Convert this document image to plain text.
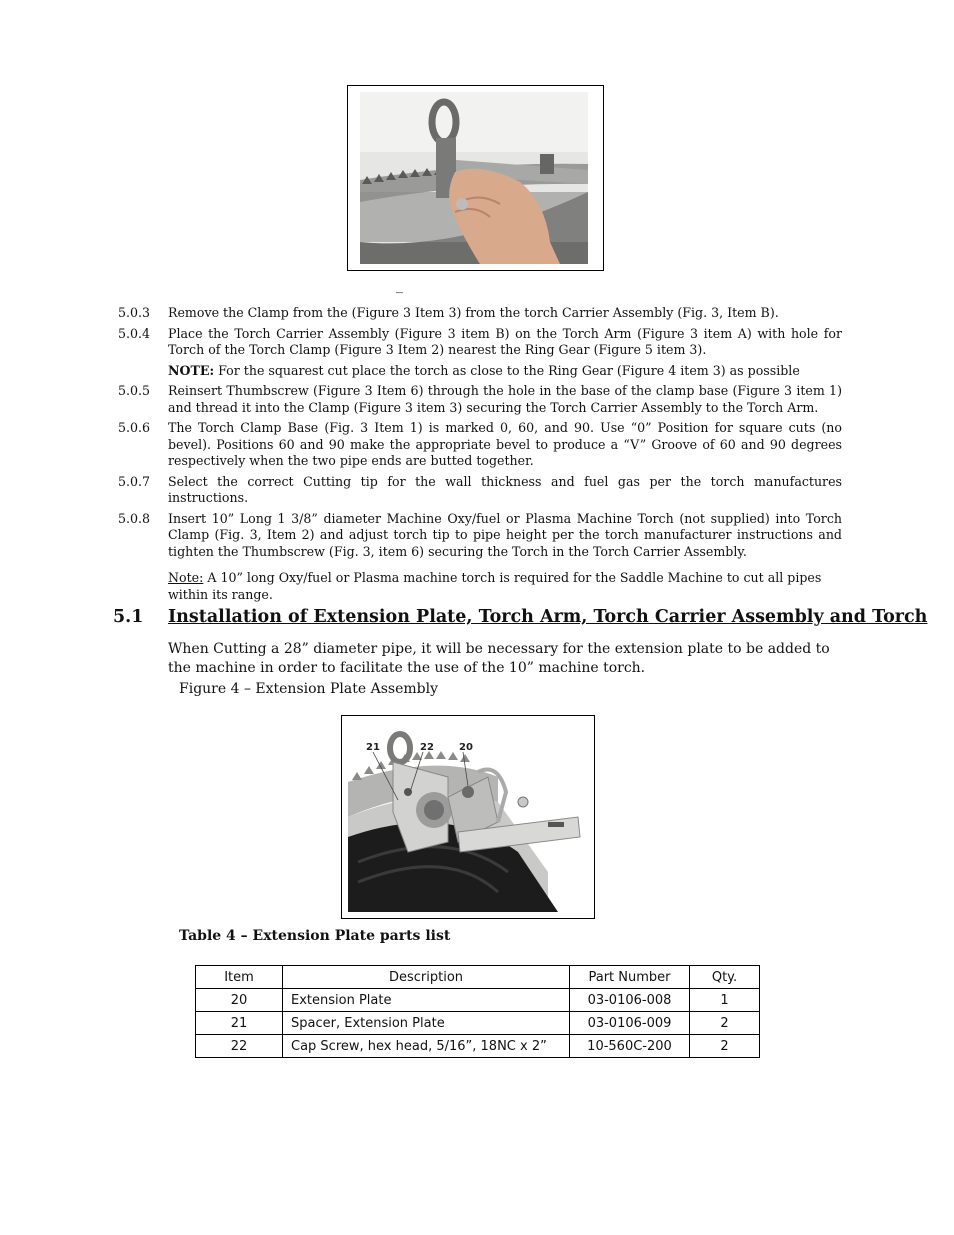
_
5.0.3	Remove the Clamp from the (Figure 3 Item 3) from the torch Carrier Assembly (Fig. 3, Item B).
5.0.4	Place the Torch Carrier Assembly (Figure 3 item B) on the Torch Arm (Figure 3 item A) with hole for Torch of the Torch Clamp (Figure 3 Item 2) nearest the Ring Gear (Figure 5 item 3).
NOTE: For the squarest cut place the torch as close to the Ring Gear (Figure 4 item 3) as possible
5.0.5	Reinsert Thumbscrew (Figure 3 Item 6) through the hole in the base of the clamp base (Figure 3 item 1) and thread it into the Clamp (Figure 3 item 3) securing the Torch Carrier Assembly to the Torch Arm.
5.0.6	The Torch Clamp Base (Fig. 3 Item 1) is marked 0, 60, and 90. Use “0” Position for square cuts (no bevel). Positions 60 and 90 make the appropriate bevel to produce a “V” Groove of 60 and 90 degrees respectively when the two pipe ends are butted together.
5.0.7	Select the correct Cutting tip for the wall thickness and fuel gas per the torch manufactures instructions.
5.0.8	Insert 10” Long 1 3/8” diameter Machine Oxy/fuel or Plasma Machine Torch (not supplied) into Torch Clamp (Fig. 3, Item 2) and adjust torch tip to pipe height per the torch manufacturer instructions and tighten the Thumbscrew (Fig. 3, item 6) securing the Torch in the Torch Carrier Assembly.
Note: A 10” long Oxy/fuel or Plasma machine torch is required for the Saddle Machine to cut all pipes within its range.
5.1	Installation of Extension Plate, Torch Arm, Torch Carrier Assembly and Torch
When Cutting a 28” diameter pipe, it will be necessary for the extension plate to be added to the machine in order to facilitate the use of the 10” machine torch.
Figure 4 – Extension Plate Assembly
21	22	20
Table 4 – Extension Plate parts list
Item	Description	Part Number	Qty.
20	Extension Plate	03-0106-008	1
21	Spacer, Extension Plate	03-0106-009	2
22	Cap Screw, hex head, 5/16”, 18NC x 2”	10-560C-200	2
